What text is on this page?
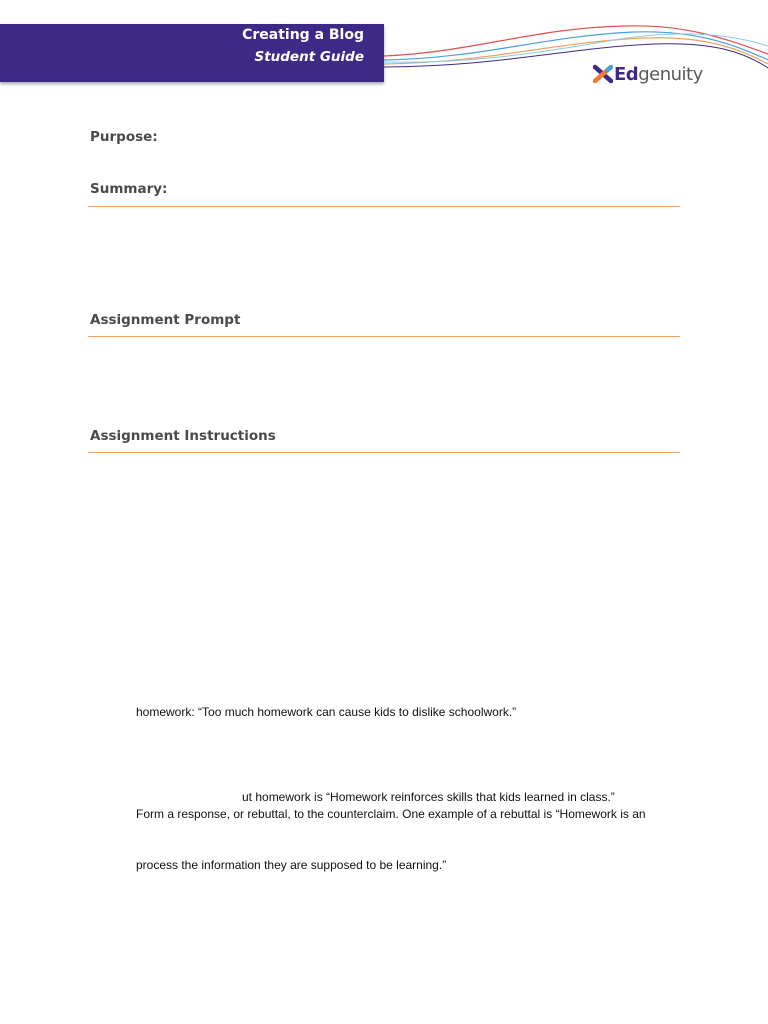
Creating a Blog
Student Guide
Ed genuity
Purpose:
Summary:
Assignment Prompt
Assignment Instructions
homework: “Too much homework can cause kids to dislike schoolwork.”
ut homework is “Homework reinforces skills that kids learned in class.”
Form a response, or rebuttal, to the counterclaim. One example of a rebuttal is “Homework is an
process the information they are supposed to be learning.”
